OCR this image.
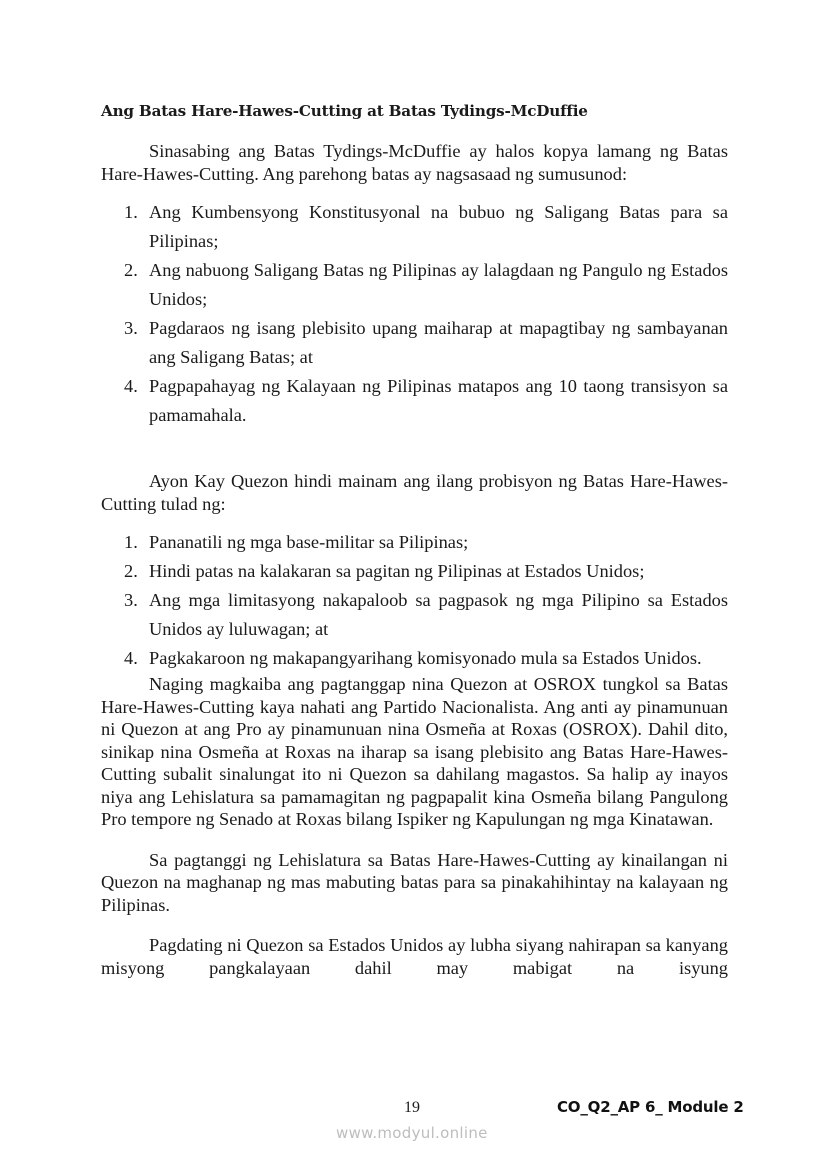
Ang Batas Hare-Hawes-Cutting at Batas Tydings-McDuffie

Sinasabing ang Batas Tydings-McDuffie ay halos kopya lamang ng Batas Hare-Hawes-Cutting. Ang parehong batas ay nagsasaad ng sumusunod:

1. Ang Kumbensyong Konstitusyonal na bubuo ng Saligang Batas para sa Pilipinas;
2. Ang nabuong Saligang Batas ng Pilipinas ay lalagdaan ng Pangulo ng Estados Unidos;
3. Pagdaraos ng isang plebisito upang maiharap at mapagtibay ng sambayanan ang Saligang Batas; at
4. Pagpapahayag ng Kalayaan ng Pilipinas matapos ang 10 taong transisyon sa pamamahala.

Ayon Kay Quezon hindi mainam ang ilang probisyon ng Batas Hare-Hawes-Cutting tulad ng:

1. Pananatili ng mga base-militar sa Pilipinas;
2. Hindi patas na kalakaran sa pagitan ng Pilipinas at Estados Unidos;
3. Ang mga limitasyong nakapaloob sa pagpasok ng mga Pilipino sa Estados Unidos ay luluwagan; at
4. Pagkakaroon ng makapangyarihang komisyonado mula sa Estados Unidos.

Naging magkaiba ang pagtanggap nina Quezon at OSROX tungkol sa Batas Hare-Hawes-Cutting kaya nahati ang Partido Nacionalista. Ang anti ay pinamunuan ni Quezon at ang Pro ay pinamunuan nina Osmeña at Roxas (OSROX). Dahil dito, sinikap nina Osmeña at Roxas na iharap sa isang plebisito ang Batas Hare-Hawes-Cutting subalit sinalungat ito ni Quezon sa dahilang magastos. Sa halip ay inayos niya ang Lehislatura sa pamamagitan ng pagpapalit kina Osmeña bilang Pangulong Pro tempore ng Senado at Roxas bilang Ispiker ng Kapulungan ng mga Kinatawan.

Sa pagtanggi ng Lehislatura sa Batas Hare-Hawes-Cutting ay kinailangan ni Quezon na maghanap ng mas mabuting batas para sa pinakahihintay na kalayaan ng Pilipinas.

Pagdating ni Quezon sa Estados Unidos ay lubha siyang nahirapan sa kanyang misyong pangkalayaan dahil may mabigat na isyung

19	CO_Q2_AP 6_ Module 2
www.modyul.online
